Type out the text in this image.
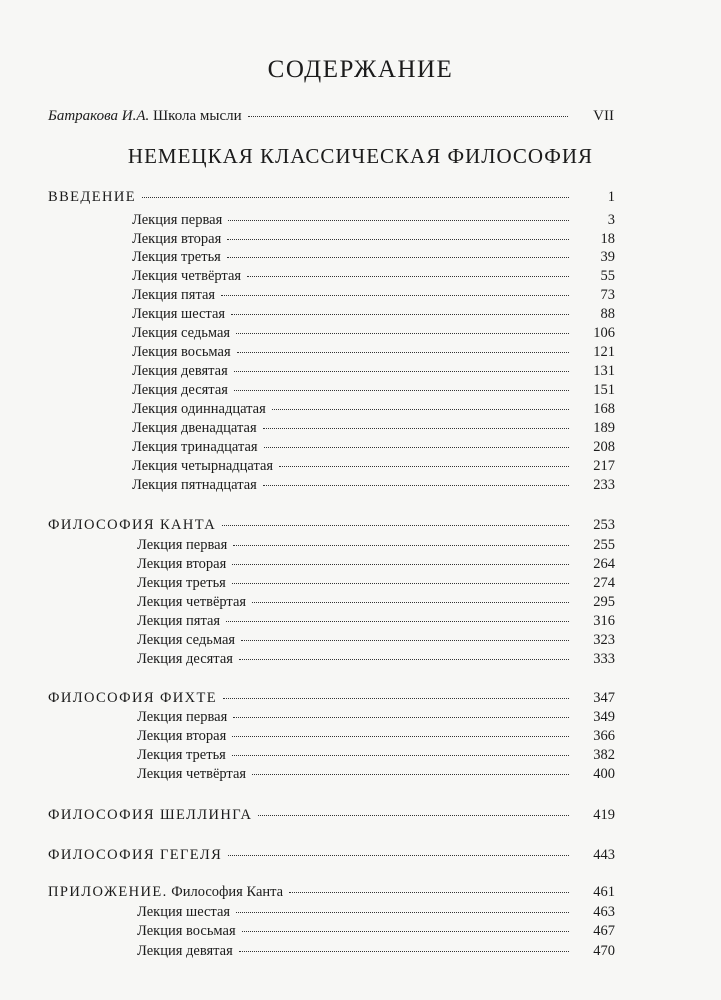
СОДЕРЖАНИЕ
Батракова И.А. Школа мысли	VII
НЕМЕЦКАЯ КЛАССИЧЕСКАЯ ФИЛОСОФИЯ
ВВЕДЕНИЕ	1
Лекция первая	3
Лекция вторая	18
Лекция третья	39
Лекция четвёртая	55
Лекция пятая	73
Лекция шестая	88
Лекция седьмая	106
Лекция восьмая	121
Лекция девятая	131
Лекция десятая	151
Лекция одиннадцатая	168
Лекция двенадцатая	189
Лекция тринадцатая	208
Лекция четырнадцатая	217
Лекция пятнадцатая	233
ФИЛОСОФИЯ КАНТА	253
Лекция первая	255
Лекция вторая	264
Лекция третья	274
Лекция четвёртая	295
Лекция пятая	316
Лекция седьмая	323
Лекция десятая	333
ФИЛОСОФИЯ ФИХТЕ	347
Лекция первая	349
Лекция вторая	366
Лекция третья	382
Лекция четвёртая	400
ФИЛОСОФИЯ ШЕЛЛИНГА	419
ФИЛОСОФИЯ ГЕГЕЛЯ	443
ПРИЛОЖЕНИЕ. Философия Канта	461
Лекция шестая	463
Лекция восьмая	467
Лекция девятая	470
